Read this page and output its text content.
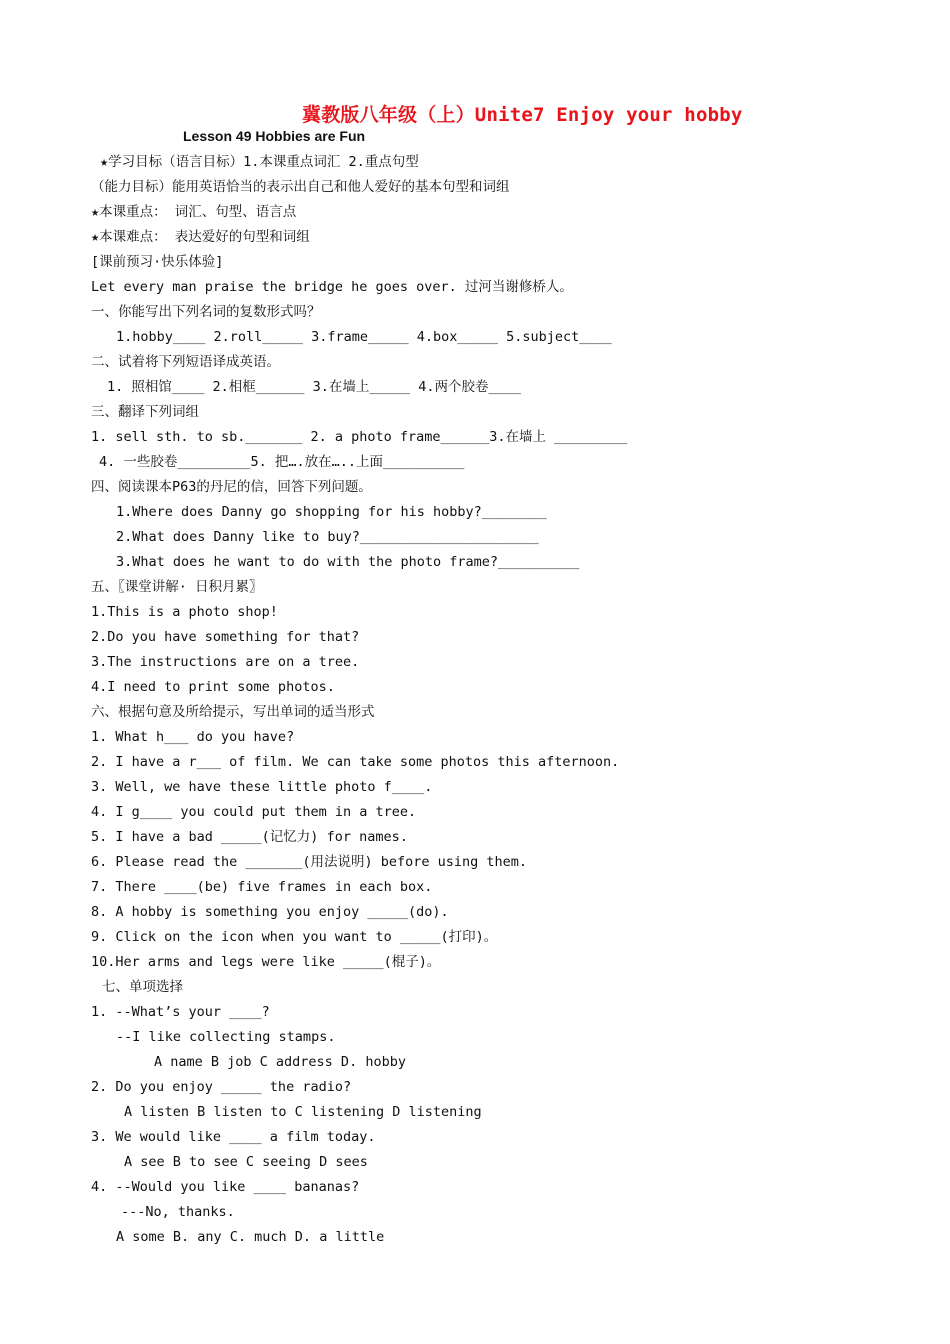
冀教版八年级（上）Unite7 Enjoy your hobby
Lesson 49 Hobbies are Fun
★学习目标（语言目标）1.本课重点词汇 2.重点句型
（能力目标）能用英语恰当的表示出自己和他人爱好的基本句型和词组
★本课重点： 词汇、句型、语言点
★本课难点： 表达爱好的句型和词组
[课前预习·快乐体验]
Let every man praise the bridge he goes over. 过河当谢修桥人。
一、你能写出下列名词的复数形式吗？
1.hobby____ 2.roll_____ 3.frame_____ 4.box_____ 5.subject____
二、试着将下列短语译成英语。
1. 照相馆____ 2.相框______ 3.在墙上_____ 4.两个胶卷____
三、翻译下列词组
1. sell sth. to sb._______ 2. a photo frame______3.在墙上 _________
4. 一些胶卷_________5. 把….放在…..上面__________
四、阅读课本P63的丹尼的信，回答下列问题。
1.Where does Danny go shopping for his hobby?________
2.What does Danny like to buy?______________________
3.What does he want to do with the photo frame?__________
五、〖课堂讲解· 日积月累〗
1.This is a photo shop!
2.Do you have something for that?
3.The instructions are on a tree.
4.I need to print some photos.
六、根据句意及所给提示，写出单词的适当形式
1. What h___ do you have?
2. I have a r___ of film. We can take some photos this afternoon.
3. Well, we have these little photo f____.
4. I g____ you could put them in a tree.
5. I have a bad _____(记忆力) for names.
6. Please read the _______(用法说明) before using them.
7. There ____(be) five frames in each box.
8. A hobby is something you enjoy _____(do).
9. Click on the icon when you want to _____(打印)。
10.Her arms and legs were like _____(棍子)。
七、单项选择
1. --What’s your ____?
--I like collecting stamps.
A name B job C address D. hobby
2. Do you enjoy _____ the radio?
A listen B listen to C listening D listening
3. We would like ____ a film today.
A see B to see C seeing D sees
4. --Would you like ____ bananas?
---No, thanks.
A some B. any C. much D. a little
